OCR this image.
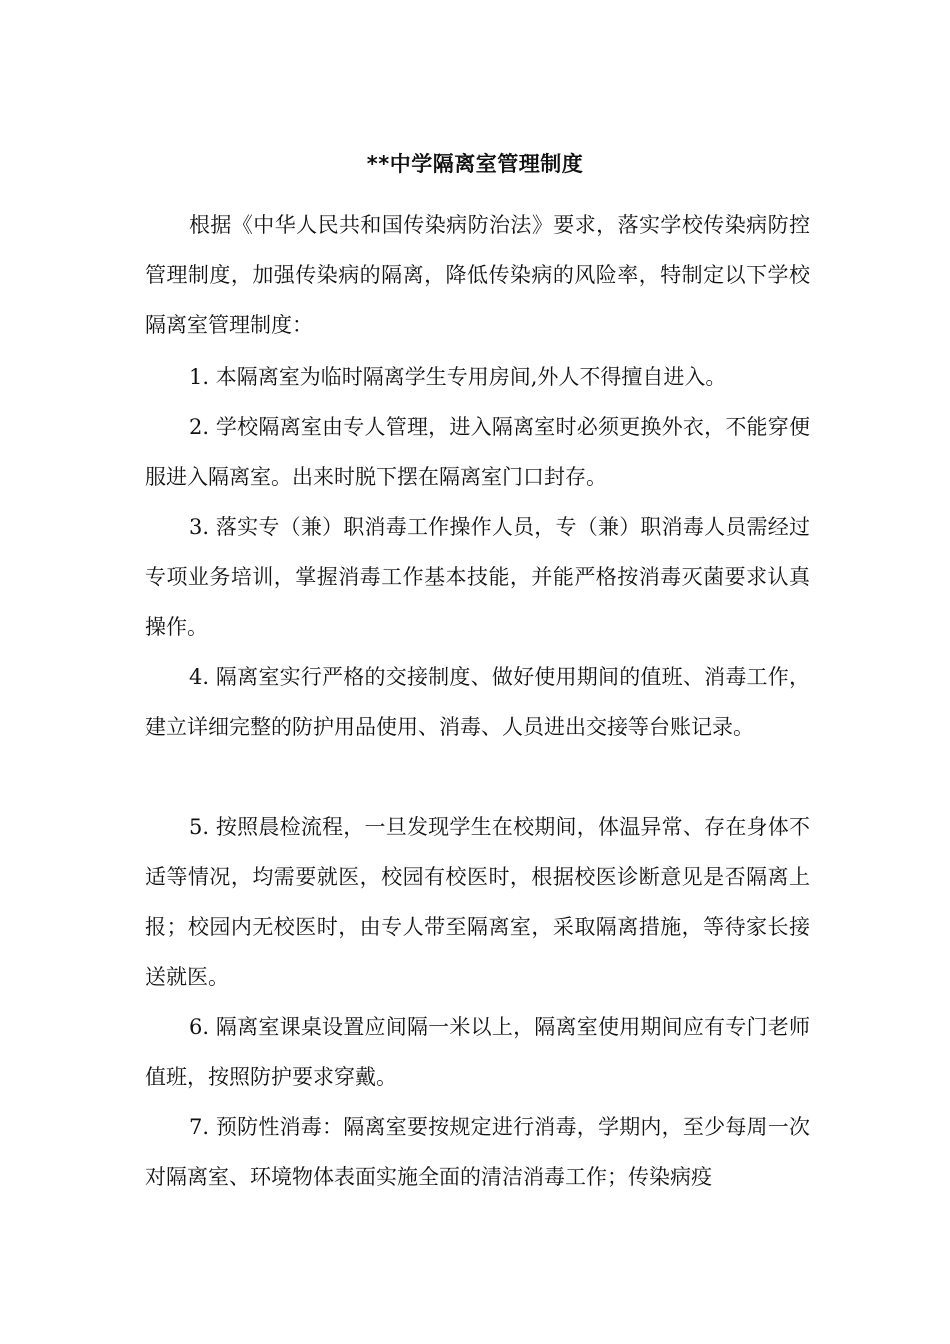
**中学隔离室管理制度

根据《中华人民共和国传染病防治法》要求，落实学校传染病防控管理制度，加强传染病的隔离，降低传染病的风险率，特制定以下学校隔离室管理制度：

1. 本隔离室为临时隔离学生专用房间,外人不得擅自进入。

2. 学校隔离室由专人管理，进入隔离室时必须更换外衣，不能穿便服进入隔离室。出来时脱下摆在隔离室门口封存。

3. 落实专（兼）职消毒工作操作人员，专（兼）职消毒人员需经过专项业务培训，掌握消毒工作基本技能，并能严格按消毒灭菌要求认真操作。

4. 隔离室实行严格的交接制度、做好使用期间的值班、消毒工作，建立详细完整的防护用品使用、消毒、人员进出交接等台账记录。

5. 按照晨检流程，一旦发现学生在校期间，体温异常、存在身体不适等情况，均需要就医，校园有校医时，根据校医诊断意见是否隔离上报；校园内无校医时，由专人带至隔离室，采取隔离措施，等待家长接送就医。

6. 隔离室课桌设置应间隔一米以上，隔离室使用期间应有专门老师值班，按照防护要求穿戴。

7. 预防性消毒：隔离室要按规定进行消毒，学期内，至少每周一次对隔离室、环境物体表面实施全面的清洁消毒工作；传染病疫
